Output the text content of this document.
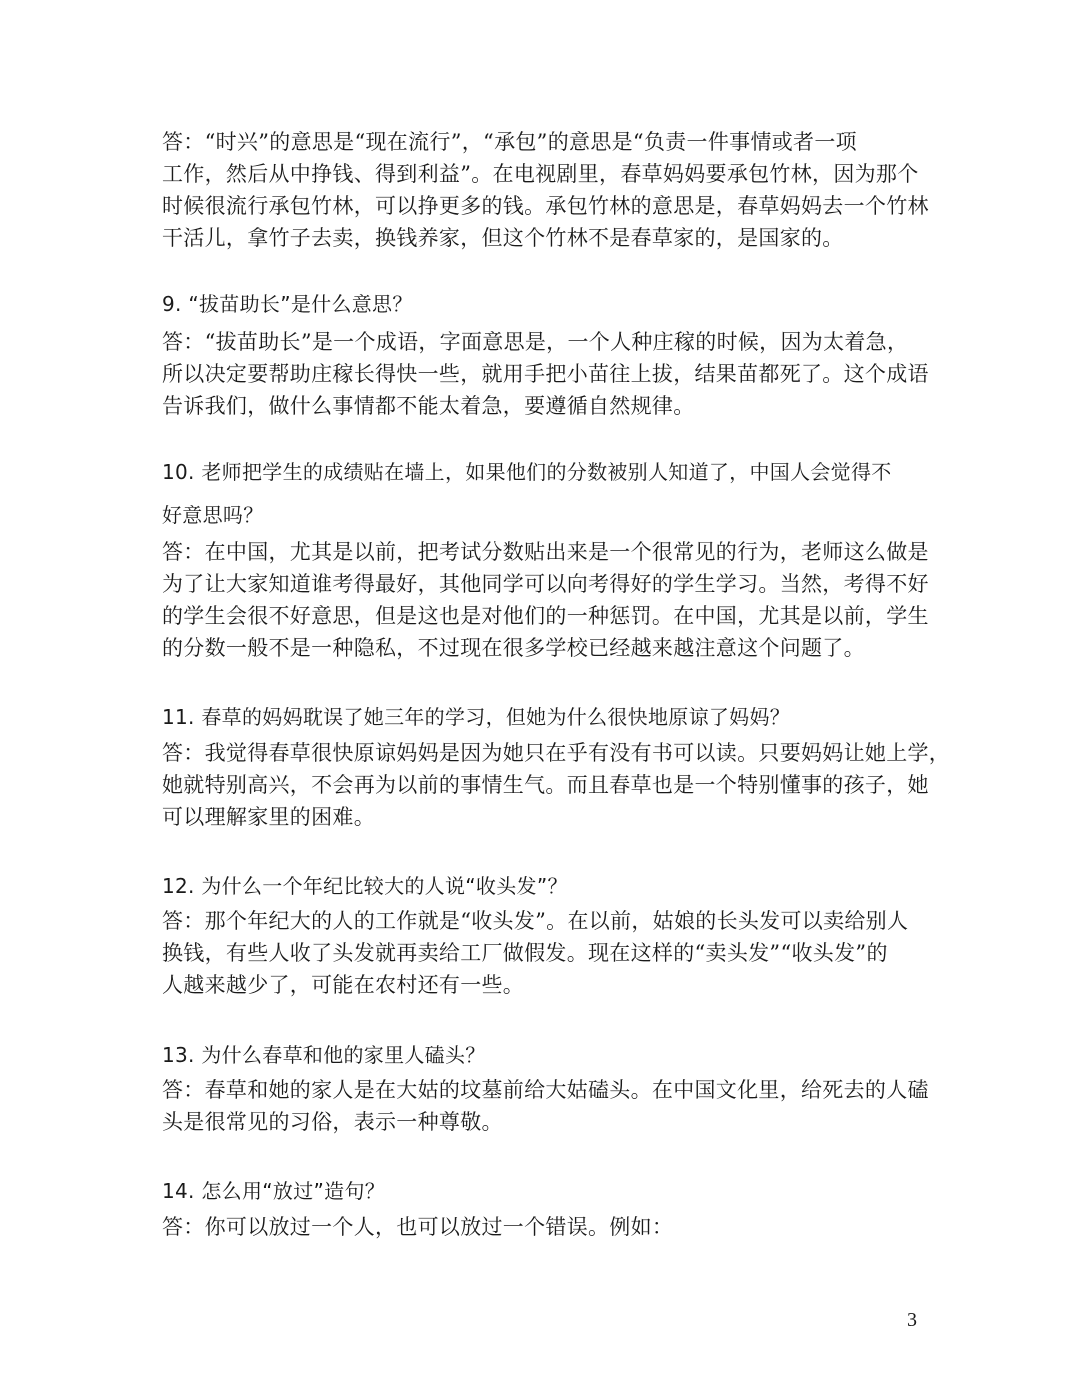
答：“时兴”的意思是“现在流行”，“承包”的意思是“负责一件事情或者一项
工作，然后从中挣钱、得到利益”。在电视剧里，春草妈妈要承包竹林，因为那个
时候很流行承包竹林，可以挣更多的钱。承包竹林的意思是，春草妈妈去一个竹林
干活儿，拿竹子去卖，换钱养家，但这个竹林不是春草家的，是国家的。
9. “拔苗助长”是什么意思？
答：“拔苗助长”是一个成语，字面意思是，一个人种庄稼的时候，因为太着急，
所以决定要帮助庄稼长得快一些，就用手把小苗往上拔，结果苗都死了。这个成语
告诉我们，做什么事情都不能太着急，要遵循自然规律。
10. 老师把学生的成绩贴在墙上，如果他们的分数被别人知道了，中国人会觉得不
好意思吗？
答：在中国，尤其是以前，把考试分数贴出来是一个很常见的行为，老师这么做是
为了让大家知道谁考得最好，其他同学可以向考得好的学生学习。当然，考得不好
的学生会很不好意思，但是这也是对他们的一种惩罚。在中国，尤其是以前，学生
的分数一般不是一种隐私，不过现在很多学校已经越来越注意这个问题了。
11. 春草的妈妈耽误了她三年的学习，但她为什么很快地原谅了妈妈？
答：我觉得春草很快原谅妈妈是因为她只在乎有没有书可以读。只要妈妈让她上学，
她就特别高兴，不会再为以前的事情生气。而且春草也是一个特别懂事的孩子，她
可以理解家里的困难。
12. 为什么一个年纪比较大的人说“收头发”？
答：那个年纪大的人的工作就是“收头发”。在以前，姑娘的长头发可以卖给别人
换钱，有些人收了头发就再卖给工厂做假发。现在这样的“卖头发”“收头发”的
人越来越少了，可能在农村还有一些。
13. 为什么春草和他的家里人磕头？
答：春草和她的家人是在大姑的坟墓前给大姑磕头。在中国文化里，给死去的人磕
头是很常见的习俗，表示一种尊敬。
14. 怎么用“放过”造句？
答：你可以放过一个人，也可以放过一个错误。例如：
3
